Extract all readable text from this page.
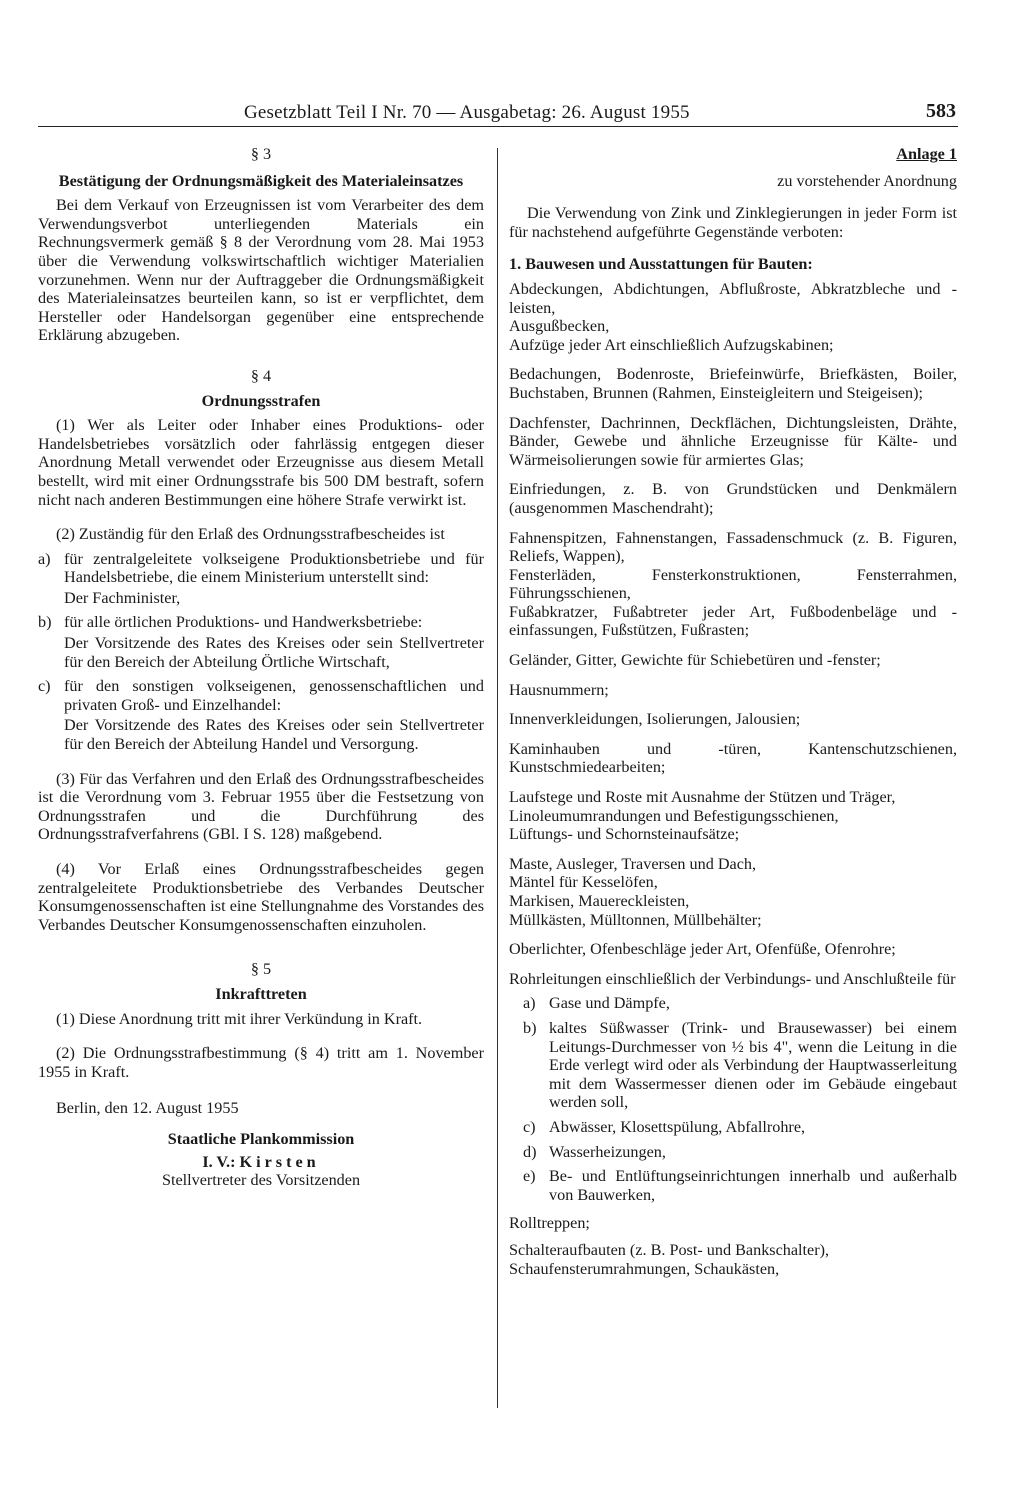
Gesetzblatt Teil I Nr. 70 — Ausgabetag: 26. August 1955	583

§ 3

Bestätigung der Ordnungsmäßigkeit des Materialeinsatzes

Bei dem Verkauf von Erzeugnissen ist vom Verarbeiter des dem Verwendungsverbot unterliegenden Materials ein Rechnungsvermerk gemäß § 8 der Verordnung vom 28. Mai 1953 über die Verwendung volkswirtschaftlich wichtiger Materialien vorzunehmen. Wenn nur der Auftraggeber die Ordnungsmäßigkeit des Materialeinsatzes beurteilen kann, so ist er verpflichtet, dem Hersteller oder Handelsorgan gegenüber eine entsprechende Erklärung abzugeben.

§ 4

Ordnungsstrafen

(1) Wer als Leiter oder Inhaber eines Produktions- oder Handelsbetriebes vorsätzlich oder fahrlässig entgegen dieser Anordnung Metall verwendet oder Erzeugnisse aus diesem Metall bestellt, wird mit einer Ordnungsstrafe bis 500 DM bestraft, sofern nicht nach anderen Bestimmungen eine höhere Strafe verwirkt ist.

(2) Zuständig für den Erlaß des Ordnungsstrafbescheides ist

a) für zentralgeleitete volkseigene Produktionsbetriebe und für Handelsbetriebe, die einem Ministerium unterstellt sind:

Der Fachminister,

b) für alle örtlichen Produktions- und Handwerksbetriebe:

Der Vorsitzende des Rates des Kreises oder sein Stellvertreter für den Bereich der Abteilung Örtliche Wirtschaft,

c) für den sonstigen volkseigenen, genossenschaftlichen und privaten Groß- und Einzelhandel:

Der Vorsitzende des Rates des Kreises oder sein Stellvertreter für den Bereich der Abteilung Handel und Versorgung.

(3) Für das Verfahren und den Erlaß des Ordnungsstrafbescheides ist die Verordnung vom 3. Februar 1955 über die Festsetzung von Ordnungsstrafen und die Durchführung des Ordnungsstrafverfahrens (GBl. I S. 128) maßgebend.

(4) Vor Erlaß eines Ordnungsstrafbescheides gegen zentralgeleitete Produktionsbetriebe des Verbandes Deutscher Konsumgenossenschaften ist eine Stellungnahme des Vorstandes des Verbandes Deutscher Konsumgenossenschaften einzuholen.

§ 5

Inkrafttreten

(1) Diese Anordnung tritt mit ihrer Verkündung in Kraft.

(2) Die Ordnungsstrafbestimmung (§ 4) tritt am 1. November 1955 in Kraft.

Berlin, den 12. August 1955

Staatliche Plankommission

I. V.: Kirsten

Stellvertreter des Vorsitzenden

Anlage 1

zu vorstehender Anordnung

Die Verwendung von Zink und Zinklegierungen in jeder Form ist für nachstehend aufgeführte Gegenstände verboten:

1. Bauwesen und Ausstattungen für Bauten:

Abdeckungen, Abdichtungen, Abflußroste, Abkratzbleche und -leisten,
Ausgußbecken,
Aufzüge jeder Art einschließlich Aufzugskabinen;

Bedachungen, Bodenroste, Briefeinwürfe, Briefkästen, Boiler, Buchstaben, Brunnen (Rahmen, Einsteigleitern und Steigeisen);

Dachfenster, Dachrinnen, Deckflächen, Dichtungsleisten, Drähte, Bänder, Gewebe und ähnliche Erzeugnisse für Kälte- und Wärmeisolierungen sowie für armiertes Glas;

Einfriedungen, z. B. von Grundstücken und Denkmälern (ausgenommen Maschendraht);

Fahnenspitzen, Fahnenstangen, Fassadenschmuck (z. B. Figuren, Reliefs, Wappen),
Fensterläden, Fensterkonstruktionen, Fensterrahmen, Führungsschienen,
Fußabkratzer, Fußabtreter jeder Art, Fußbodenbeläge und -einfassungen, Fußstützen, Fußrasten;

Geländer, Gitter, Gewichte für Schiebetüren und -fenster;

Hausnummern;

Innenverkleidungen, Isolierungen, Jalousien;

Kaminhauben und -türen, Kantenschutzschienen, Kunstschmiedearbeiten;

Laufstege und Roste mit Ausnahme der Stützen und Träger,
Linoleumumrandungen und Befestigungsschienen,
Lüftungs- und Schornsteinaufsätze;

Maste, Ausleger, Traversen und Dach,
Mäntel für Kesselöfen,
Markisen, Mauereckleisten,
Müllkästen, Mülltonnen, Müllbehälter;

Oberlichter, Ofenbeschläge jeder Art, Ofenfüße, Ofenrohre;

Rohrleitungen einschließlich der Verbindungs- und Anschlußteile für

a) Gase und Dämpfe,
b) kaltes Süßwasser (Trink- und Brausewasser) bei einem Leitungs-Durchmesser von ½ bis 4", wenn die Leitung in die Erde verlegt wird oder als Verbindung der Hauptwasserleitung mit dem Wassermesser dienen oder im Gebäude eingebaut werden soll,
c) Abwässer, Klosettspülung, Abfallrohre,
d) Wasserheizungen,
e) Be- und Entlüftungseinrichtungen innerhalb und außerhalb von Bauwerken,

Rolltreppen;

Schalteraufbauten (z. B. Post- und Bankschalter),
Schaufensterumrahmungen, Schaukästen,
